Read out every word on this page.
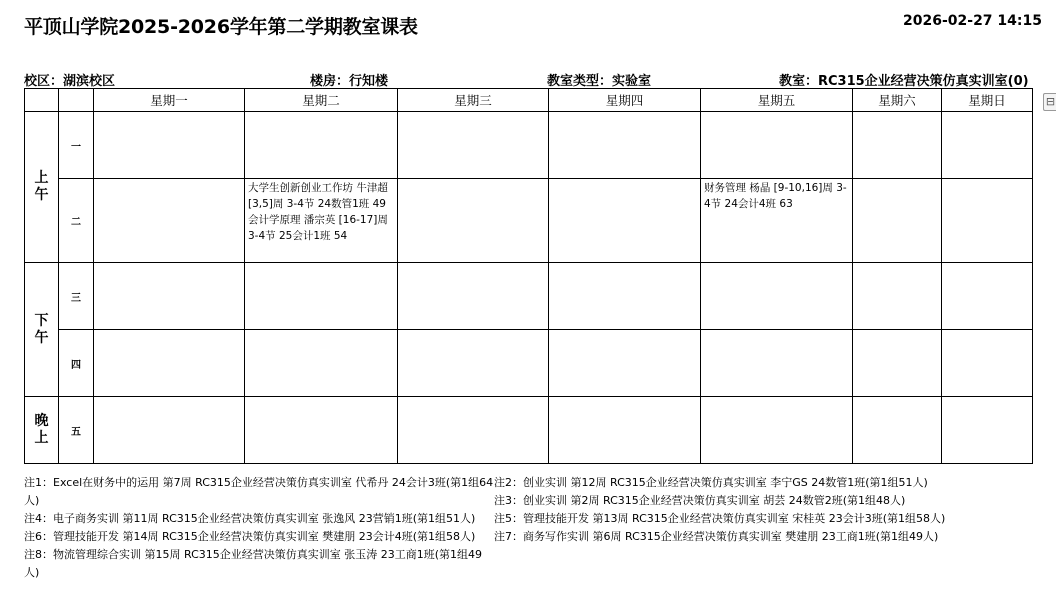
平顶山学院2025-2026学年第二学期教室课表	2026-02-27 14:15
校区：湖滨校区	楼房：行知楼	教室类型：实验室	教室：RC315企业经营决策仿真实训室(0)
⊟
		星期一	星期二	星期三	星期四	星期五	星期六	星期日

上午	一							
	二		大学生创新创业工作坊 牛津超 [3,5]周 3-4节 24数管1班 49
会计学原理 潘宗英 [16-17]周 3-4节 25会计1班 54			财务管理 杨晶 [9-10,16]周 3-4节 24会计4班 63		

下午	三							
	四							

晚上	五							
注1：Excel在财务中的运用 第7周 RC315企业经营决策仿真实训室 代希丹 24会计3班(第1组64人)
注2：创业实训 第12周 RC315企业经营决策仿真实训室 李宁GS 24数管1班(第1组51人)
注3：创业实训 第2周 RC315企业经营决策仿真实训室 胡芸 24数管2班(第1组48人)
注4：电子商务实训 第11周 RC315企业经营决策仿真实训室 张逸风 23营销1班(第1组51人)	注5：管理技能开发 第13周 RC315企业经营决策仿真实训室 宋桂英 23会计3班(第1组58人)
注6：管理技能开发 第14周 RC315企业经营决策仿真实训室 樊建朋 23会计4班(第1组58人)	注7：商务写作实训 第6周 RC315企业经营决策仿真实训室 樊建朋 23工商1班(第1组49人)
注8：物流管理综合实训 第15周 RC315企业经营决策仿真实训室 张玉涛 23工商1班(第1组49人)
